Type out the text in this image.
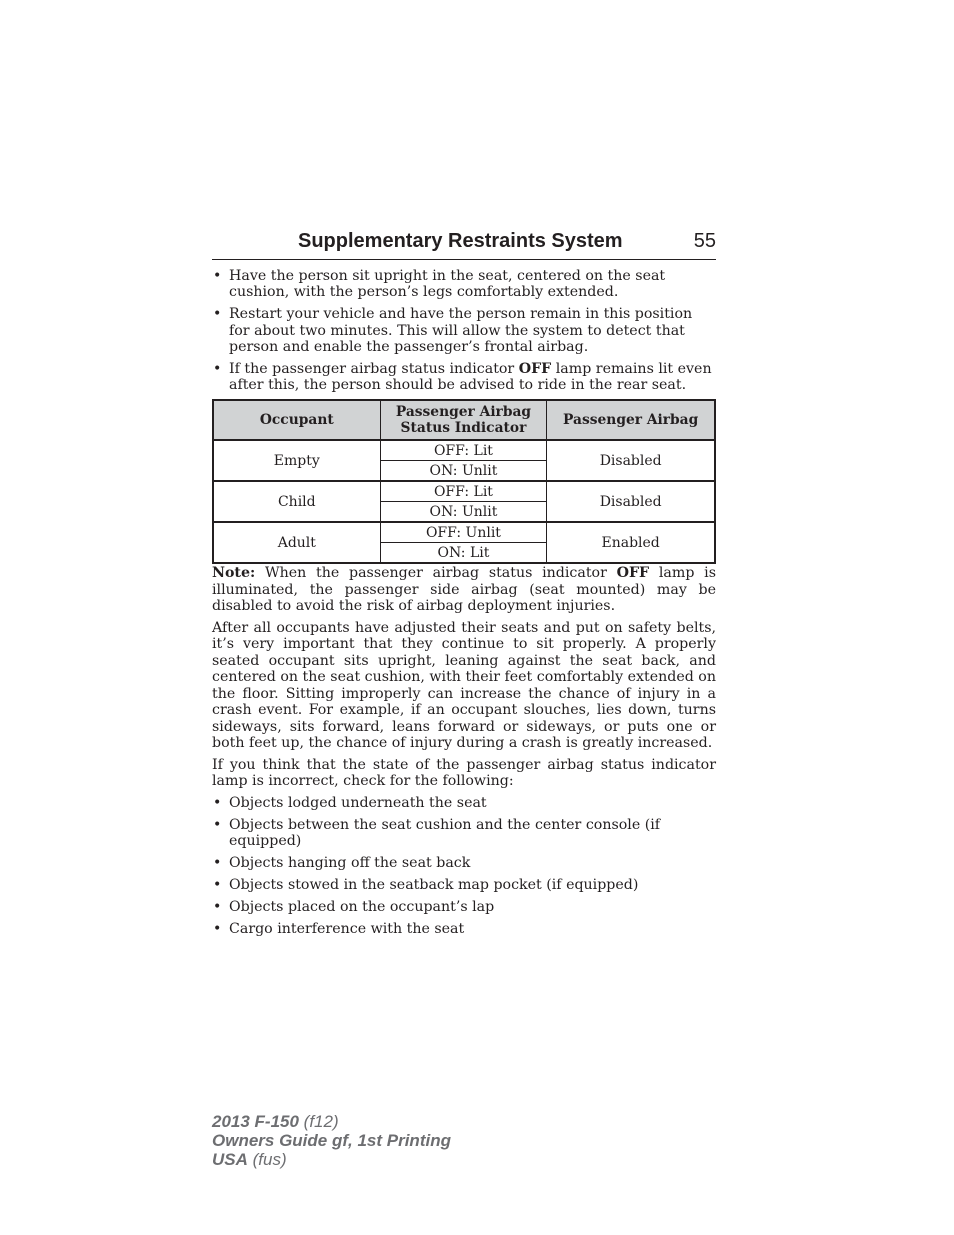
Supplementary Restraints System	55
• Have the person sit upright in the seat, centered on the seat cushion, with the person’s legs comfortably extended.
• Restart your vehicle and have the person remain in this position for about two minutes. This will allow the system to detect that person and enable the passenger’s frontal airbag.
• If the passenger airbag status indicator OFF lamp remains lit even after this, the person should be advised to ride in the rear seat.
Occupant	Passenger Airbag Status Indicator	Passenger Airbag
Empty	OFF: Lit	Disabled
	ON: Unlit	
Child	OFF: Lit	Disabled
	ON: Unlit	
Adult	OFF: Unlit	Enabled
	ON: Lit	

Note: When the passenger airbag status indicator OFF lamp is illuminated, the passenger side airbag (seat mounted) may be disabled to avoid the risk of airbag deployment injuries.

After all occupants have adjusted their seats and put on safety belts, it’s very important that they continue to sit properly. A properly seated occupant sits upright, leaning against the seat back, and centered on the seat cushion, with their feet comfortably extended on the floor. Sitting improperly can increase the chance of injury in a crash event. For example, if an occupant slouches, lies down, turns sideways, sits forward, leans forward or sideways, or puts one or both feet up, the chance of injury during a crash is greatly increased.

If you think that the state of the passenger airbag status indicator lamp is incorrect, check for the following:

• Objects lodged underneath the seat
• Objects between the seat cushion and the center console (if equipped)
• Objects hanging off the seat back
• Objects stowed in the seatback map pocket (if equipped)
• Objects placed on the occupant’s lap
• Cargo interference with the seat
2013 F-150 (f12)
Owners Guide gf, 1st Printing
USA (fus)
